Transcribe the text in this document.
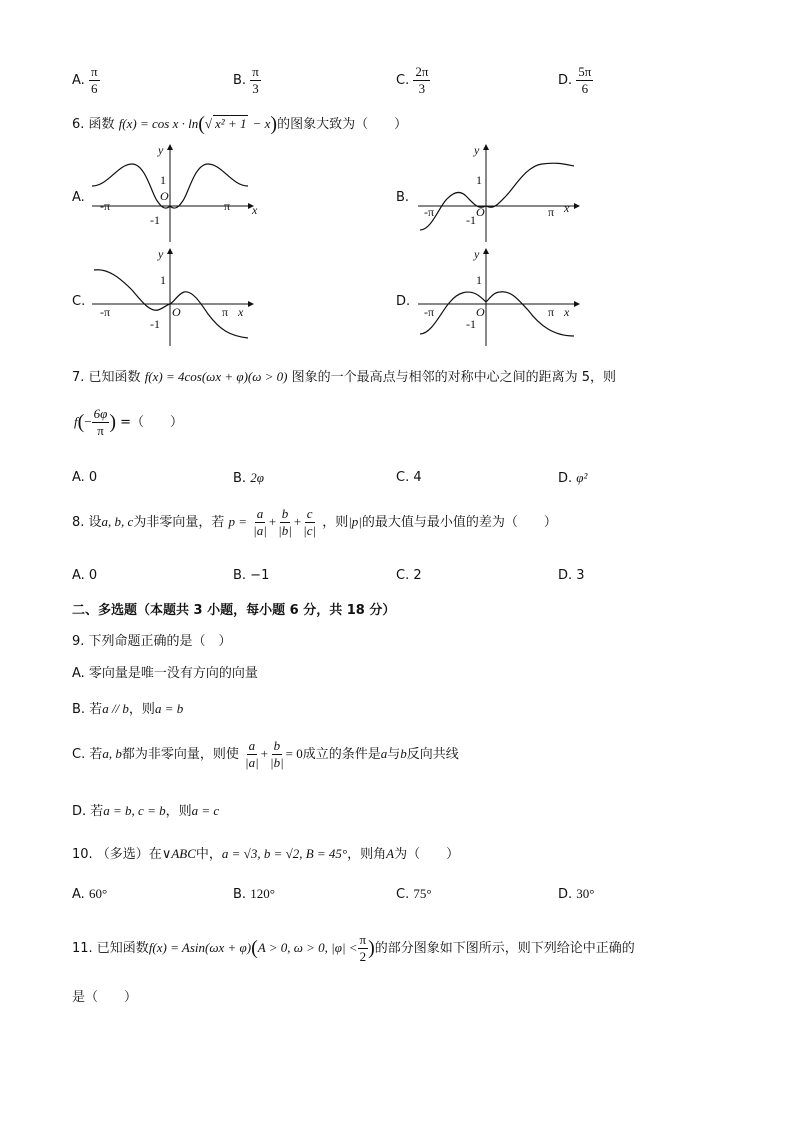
A. $\frac{\pi}{6}$	B. $\frac{\pi}{3}$	C. $\frac{2\pi}{3}$	D. $\frac{5\pi}{6}$
6. 函数 f(x) = cos x · ln(√ x² + 1 − x)的图象大致为（　　）
A.	B.
C.	D.
y
x
O
1
-1
-π	π
y
x
O
1
-1
-π	π
y
x
O
1
-1
-π	π
y
x
O
1
-1
-π	π
7. 已知函数 f(x) = 4cos(ωx + φ)(ω > 0) 图象的一个最高点与相邻的对称中心之间的距离为 5，则
$f(- \frac{6\varphi}{\pi}$ ) =（　　）
A. 0	B. 2φ	C. 4	D. φ²
8. 设a, b, c为非零向量，若 $p = \frac{a}{|a|} + \frac{b}{|b|} + \frac{c}{|c|}$ ，则|p|的最大值与最小值的差为（　　）
A. 0	B. −1	C. 2	D. 3
二、多选题（本题共 3 小题，每小题 6 分，共 18 分）
9. 下列命题正确的是（　）
A. 零向量是唯一没有方向的向量
B. 若a // b，则a = b
C. 若a, b都为非零向量，则使 $\frac{a}{|a|} + \frac{b}{|b|} = 0$成立的条件是a与b反向共线
D. 若a = b, c = b，则a = c
10. （多选）在∨ABC中，a = √3, b = √2, B = 45°，则角A为（　　）
A. 60°	B. 120°	C. 75°	D. 30°
11. 已知函数f(x) = Asin(ωx + φ)(A > 0, ω > 0, $|\varphi| < \frac{\pi}{2}$ )的部分图象如下图所示，则下列给论中正确的
是（　　）
